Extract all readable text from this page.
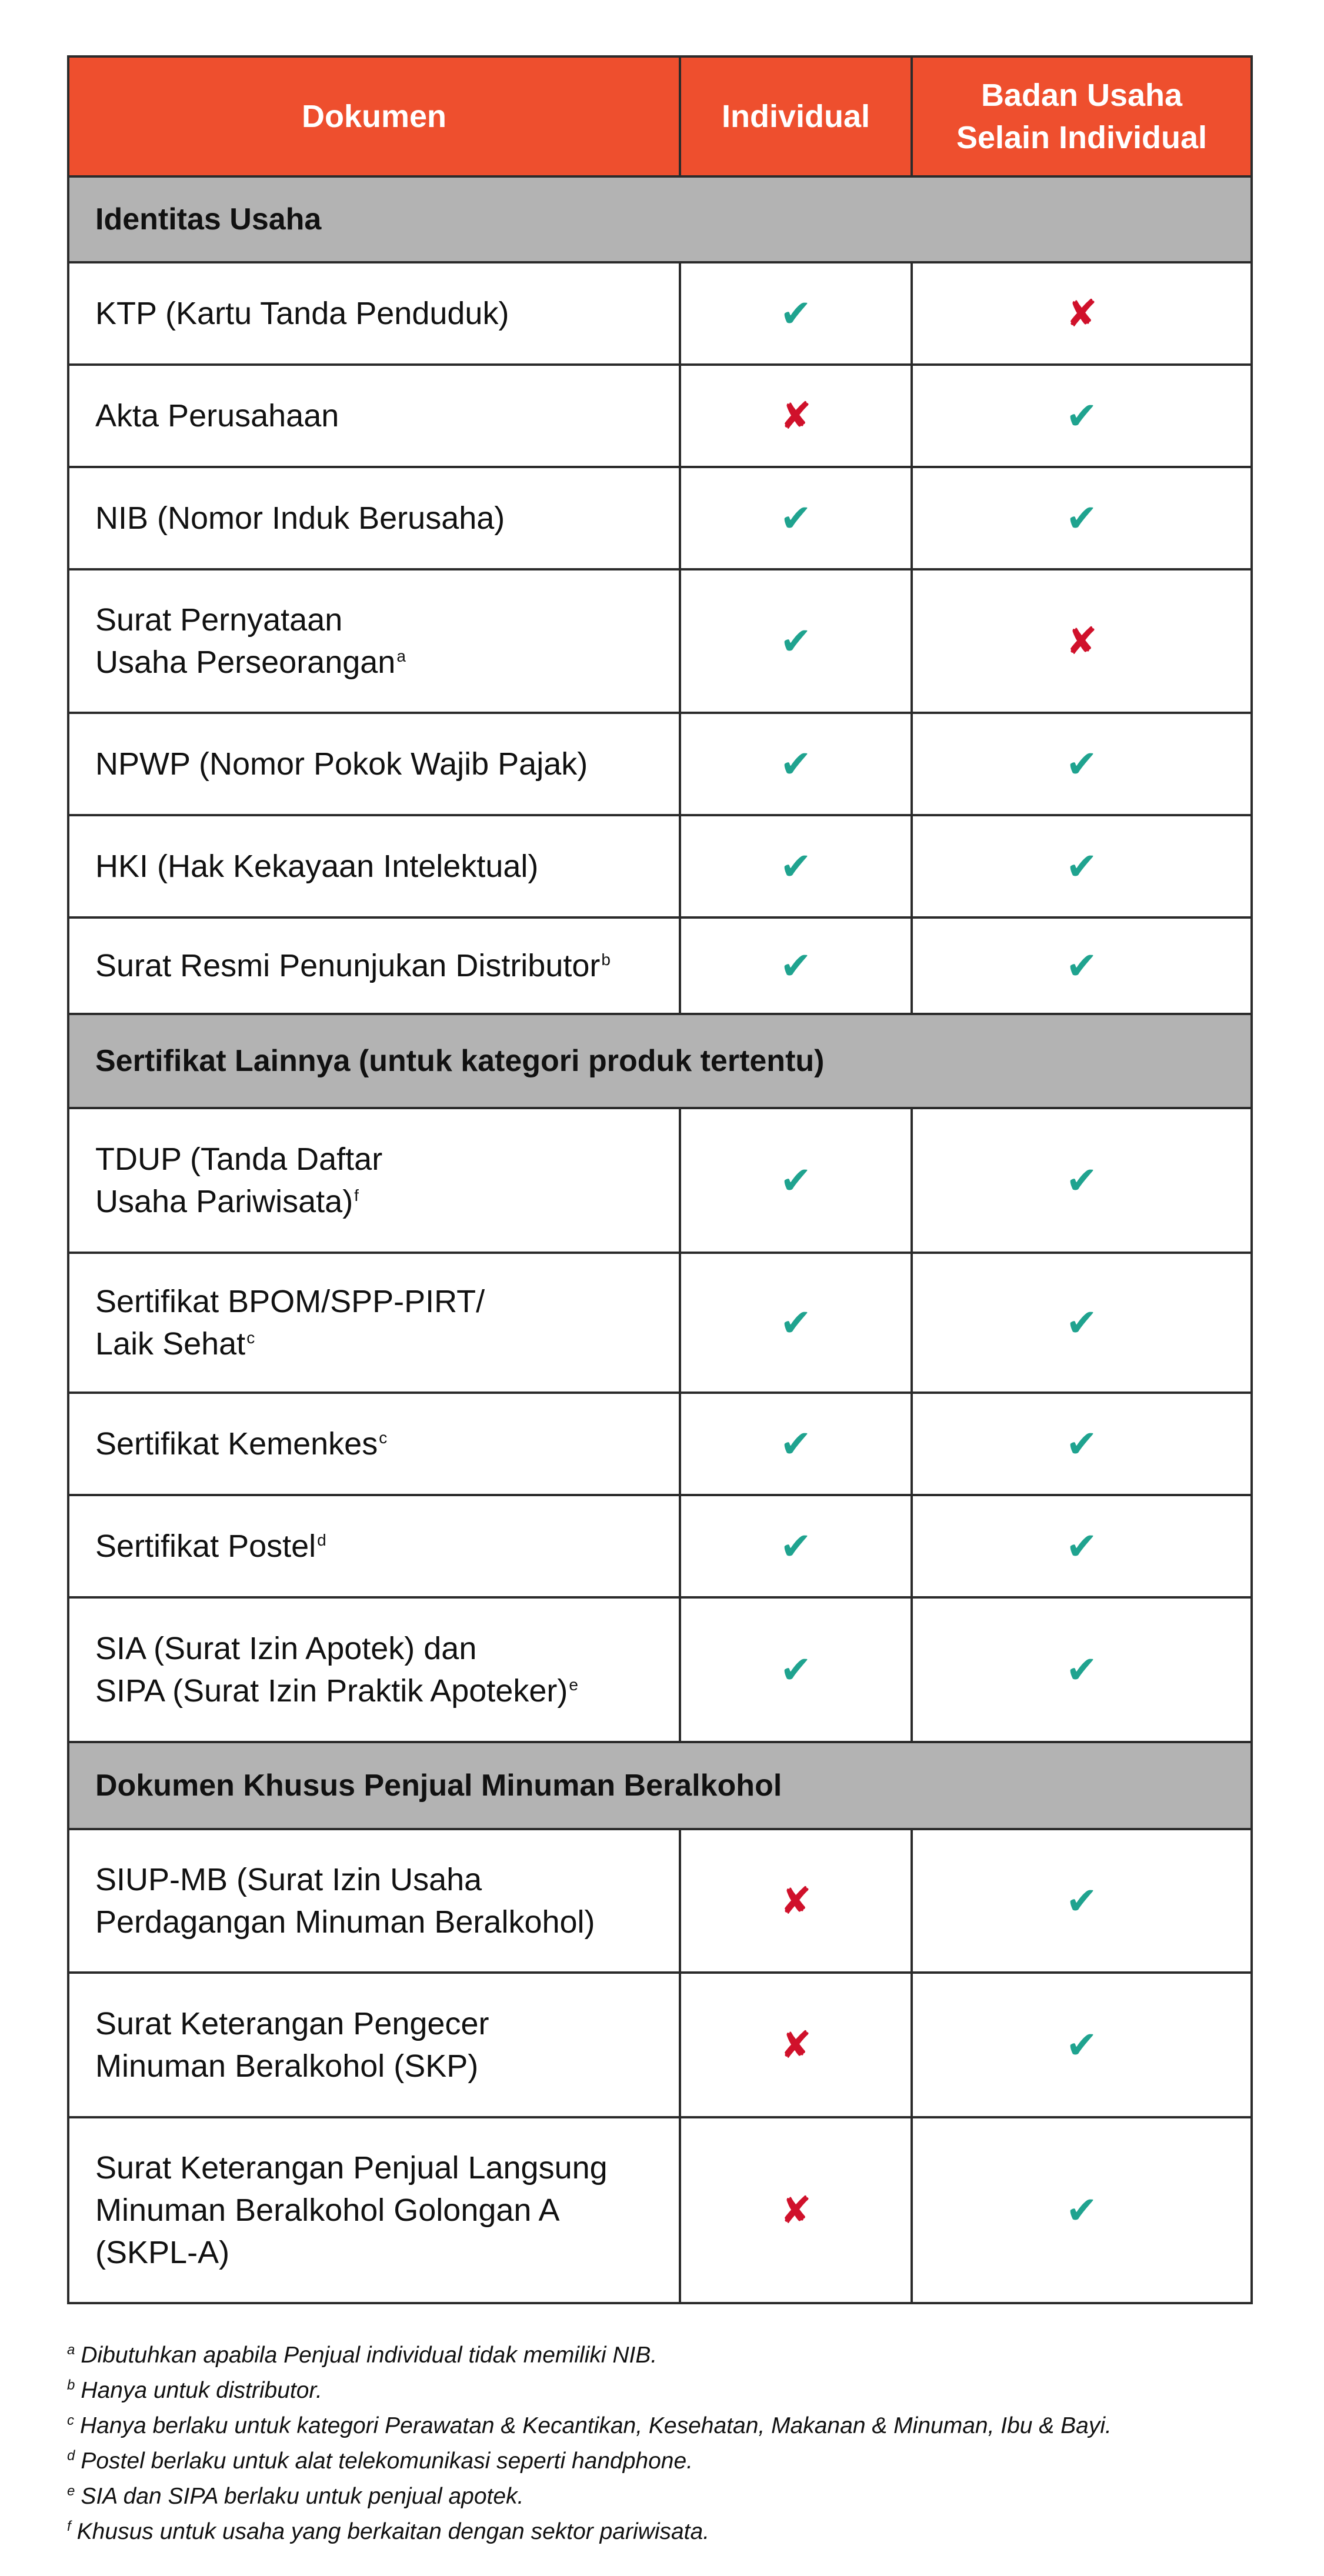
Dokumen	Individual	Badan Usaha
Selain Individual

Identitas Usaha		

KTP (Kartu Tanda Penduduk)	✔	✘

Akta Perusahaan	✘	✔

NIB (Nomor Induk Berusaha)	✔	✔

Surat Pernyataan
Usaha Perseorangan$^a$	✔	✘

NPWP (Nomor Pokok Wajib Pajak)	✔	✔

HKI (Hak Kekayaan Intelektual)	✔	✔

Surat Resmi Penunjukan Distributor$^b$	✔	✔
Sertifikat Lainnya (untuk kategori produk tertentu)		

TDUP (Tanda Daftar
Usaha Pariwisata)$^f$	✔	✔

Sertifikat BPOM/SPP-PIRT/
Laik Sehat$^c$	✔	✔

Sertifikat Kemenkes$^c$	✔	✔

Sertifikat Postel$^d$	✔	✔

SIA (Surat Izin Apotek) dan
SIPA (Surat Izin Praktik Apoteker)$^e$	✔	✔
Dokumen Khusus Penjual Minuman Beralkohol		

SIUP-MB (Surat Izin Usaha
Perdagangan Minuman Beralkohol)	✘	✔

Surat Keterangan Pengecer
Minuman Beralkohol (SKP)	✘	✔

Surat Keterangan Penjual Langsung
Minuman Beralkohol Golongan A
(SKPL-A)	✘	✔
$^a$ Dibutuhkan apabila Penjual individual tidak memiliki NIB.
$^b$ Hanya untuk distributor.
$^c$ Hanya berlaku untuk kategori Perawatan & Kecantikan, Kesehatan, Makanan & Minuman, Ibu & Bayi.
$^d$ Postel berlaku untuk alat telekomunikasi seperti handphone.
$^e$ SIA dan SIPA berlaku untuk penjual apotek.
$^f$ Khusus untuk usaha yang berkaitan dengan sektor pariwisata.
